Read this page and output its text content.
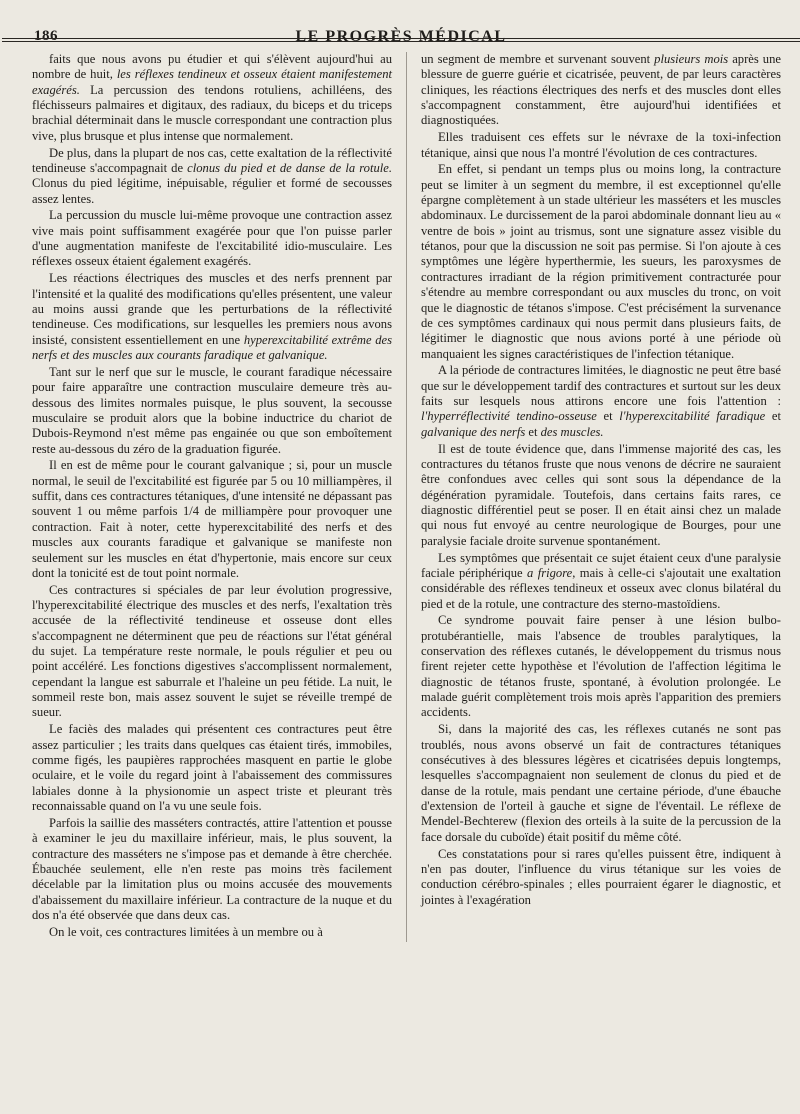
186	LE PROGRÈS MÉDICAL

faits que nous avons pu étudier et qui s'élèvent aujourd'hui au nombre de huit, les réflexes tendineux et osseux étaient manifestement exagérés. La percussion des tendons rotuliens, achilléens, des fléchisseurs palmaires et digitaux, des radiaux, du biceps et du triceps brachial déterminait dans le muscle correspondant une contraction plus vive, plus brusque et plus intense que normalement.

De plus, dans la plupart de nos cas, cette exaltation de la réflectivité tendineuse s'accompagnait de clonus du pied et de danse de la rotule. Clonus du pied légitime, inépuisable, régulier et formé de secousses assez lentes.

La percussion du muscle lui-même provoque une contraction assez vive mais point suffisamment exagérée pour que l'on puisse parler d'une augmentation manifeste de l'excitabilité idio-musculaire. Les réflexes osseux étaient également exagérés.

Les réactions électriques des muscles et des nerfs prennent par l'intensité et la qualité des modifications qu'elles présentent, une valeur au moins aussi grande que les perturbations de la réflectivité tendineuse. Ces modifications, sur lesquelles les premiers nous avons insisté, consistent essentiellement en une hyperexcitabilité extrême des nerfs et des muscles aux courants faradique et galvanique.

Tant sur le nerf que sur le muscle, le courant faradique nécessaire pour faire apparaître une contraction musculaire demeure très au-dessous des limites normales puisque, le plus souvent, la secousse musculaire se produit alors que la bobine inductrice du chariot de Dubois-Reymond n'est même pas engainée ou que son emboîtement reste au-dessous du zéro de la graduation figurée.

Il en est de même pour le courant galvanique ; si, pour un muscle normal, le seuil de l'excitabilité est figurée par 5 ou 10 milliampères, il suffit, dans ces contractures tétaniques, d'une intensité ne dépassant pas souvent 1 ou même parfois 1/4 de milliampère pour provoquer une contraction. Fait à noter, cette hyperexcitabilité des nerfs et des muscles aux courants faradique et galvanique se manifeste non seulement sur les muscles en état d'hypertonie, mais encore sur ceux dont la tonicité est de tout point normale.

Ces contractures si spéciales de par leur évolution progressive, l'hyperexcitabilité électrique des muscles et des nerfs, l'exaltation très accusée de la réflectivité tendineuse et osseuse dont elles s'accompagnent ne déterminent que peu de réactions sur l'état général du sujet. La température reste normale, le pouls régulier et peu ou point accéléré. Les fonctions digestives s'accomplissent normalement, cependant la langue est saburrale et l'haleine un peu fétide. La nuit, le sommeil reste bon, mais assez souvent le sujet se réveille trempé de sueur.

Le faciès des malades qui présentent ces contractures peut être assez particulier ; les traits dans quelques cas étaient tirés, immobiles, comme figés, les paupières rapprochées masquent en partie le globe oculaire, et le voile du regard joint à l'abaissement des commissures labiales donne à la physionomie un aspect triste et pleurant très reconnaissable quand on l'a vu une seule fois.

Parfois la saillie des masséters contractés, attire l'attention et pousse à examiner le jeu du maxillaire inférieur, mais, le plus souvent, la contracture des masséters ne s'impose pas et demande à être cherchée. Ébauchée seulement, elle n'en reste pas moins très facilement décelable par la limitation plus ou moins accusée des mouvements d'abaissement du maxillaire inférieur. La contracture de la nuque et du dos n'a été observée que dans deux cas.

On le voit, ces contractures limitées à un membre ou à

un segment de membre et survenant souvent plusieurs mois après une blessure de guerre guérie et cicatrisée, peuvent, de par leurs caractères cliniques, les réactions électriques des nerfs et des muscles dont elles s'accompagnent constamment, être aujourd'hui identifiées et diagnostiquées.

Elles traduisent ces effets sur le névraxe de la toxi-infection tétanique, ainsi que nous l'a montré l'évolution de ces contractures.

En effet, si pendant un temps plus ou moins long, la contracture peut se limiter à un segment du membre, il est exceptionnel qu'elle épargne complètement à un stade ultérieur les masséters et les muscles abdominaux. Le durcissement de la paroi abdominale donnant lieu au « ventre de bois » joint au trismus, sont une signature assez visible du tétanos, pour que la discussion ne soit pas permise. Si l'on ajoute à ces symptômes une légère hyperthermie, les sueurs, les paroxysmes de contractures irradiant de la région primitivement contracturée pour s'étendre au membre correspondant ou aux muscles du tronc, on voit que le diagnostic de tétanos s'impose. C'est précisément la survenance de ces symptômes cardinaux qui nous permit dans plusieurs faits, de légitimer le diagnostic que nous avions porté à une période où manquaient les signes caractéristiques de l'infection tétanique.

A la période de contractures limitées, le diagnostic ne peut être basé que sur le développement tardif des contractures et surtout sur les deux faits sur lesquels nous attirons encore une fois l'attention : l'hyperréflectivité tendino-osseuse et l'hyperexcitabilité faradique et galvanique des nerfs et des muscles.

Il est de toute évidence que, dans l'immense majorité des cas, les contractures du tétanos fruste que nous venons de décrire ne sauraient être confondues avec celles qui sont sous la dépendance de la dégénération pyramidale. Toutefois, dans certains faits rares, ce diagnostic différentiel peut se poser. Il en était ainsi chez un malade qui nous fut envoyé au centre neurologique de Bourges, pour une paralysie faciale droite survenue spontanément.

Les symptômes que présentait ce sujet étaient ceux d'une paralysie faciale périphérique a frigore, mais à celle-ci s'ajoutait une exaltation considérable des réflexes tendineux et osseux avec clonus bilatéral du pied et de la rotule, une contracture des sterno-mastoïdiens.

Ce syndrome pouvait faire penser à une lésion bulbo-protubérantielle, mais l'absence de troubles paralytiques, la conservation des réflexes cutanés, le développement du trismus nous firent rejeter cette hypothèse et l'évolution de l'affection légitima le diagnostic de tétanos fruste, spontané, à évolution prolongée. Le malade guérit complètement trois mois après l'apparition des premiers accidents.

Si, dans la majorité des cas, les réflexes cutanés ne sont pas troublés, nous avons observé un fait de contractures tétaniques consécutives à des blessures légères et cicatrisées depuis longtemps, lesquelles s'accompagnaient non seulement de clonus du pied et de danse de la rotule, mais pendant une certaine période, d'une ébauche d'extension de l'orteil à gauche et signe de l'éventail. Le réflexe de Mendel-Bechterew (flexion des orteils à la suite de la percussion de la face dorsale du cuboïde) était positif du même côté.

Ces constatations pour si rares qu'elles puissent être, indiquent à n'en pas douter, l'influence du virus tétanique sur les voies de conduction cérébro-spinales ; elles pourraient égarer le diagnostic, et jointes à l'exagération
